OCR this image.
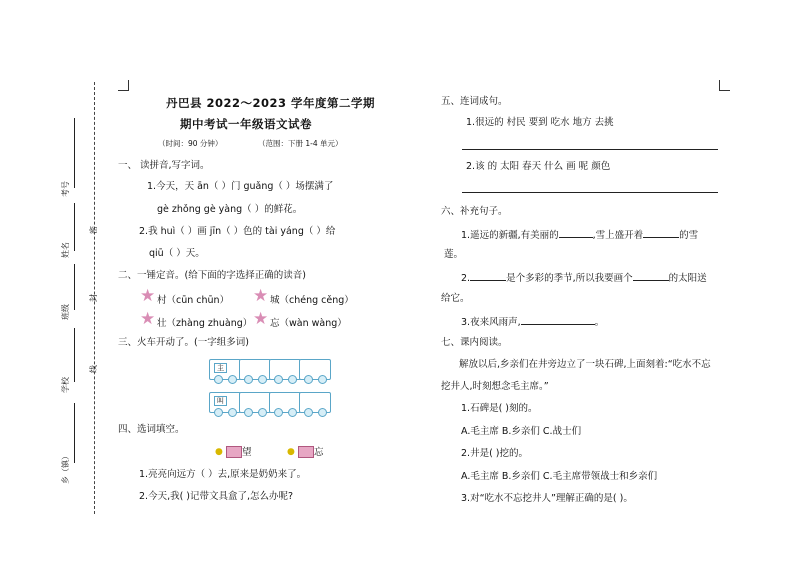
考号
姓名
班级
学校
乡（镇）
密
封
线
丹巴县 2022～2023 学年度第二学期
期中考试一年级语文试卷
（时间：90 分钟）	（范围：下册 1-4 单元）
一、 读拼音,写字词。
1.今天，天 ān（ ）门 guǎng（ ）场摆满了
gè zhǒng gè yàng（ ）的鲜花。
2.我 huì（ ）画 jīn（ ）色的 tài yáng（ ）给
qiū（ ）天。
二、一锤定音。(给下面的字选择正确的读音)
★ 村（cūn chūn） ★ 城（chéng cěng）
★ 壮（zhàng zhuàng） ★ 忘（wàn wàng）
三、火车开动了。(一字组多词)
主
叫
四、选词填空。
● 望	● 忘
1.亮亮向远方（ ）去,原来是奶奶来了。
2.今天,我( )记带文具盒了,怎么办呢?
五、连词成句。
1.很远的 村民 要到 吃水 地方 去挑
2.该 的 太阳 春天 什么 画 呢 颜色
六、补充句子。
1.遥远的新疆,有美丽的	,雪上盛开着	的雪
莲。
2.	是个多彩的季节,所以我要画个	的太阳送
给它。
3.夜来风雨声,	。
七、课内阅读。
解放以后,乡亲们在井旁边立了一块石碑,上面刻着:“吃水不忘
挖井人,时刻想念毛主席。”
1.石碑是( )刻的。
A.毛主席 B.乡亲们 C.战士们
2.井是( )挖的。
A.毛主席 B.乡亲们 C.毛主席带领战士和乡亲们
3.对“吃水不忘挖井人”理解正确的是( )。
